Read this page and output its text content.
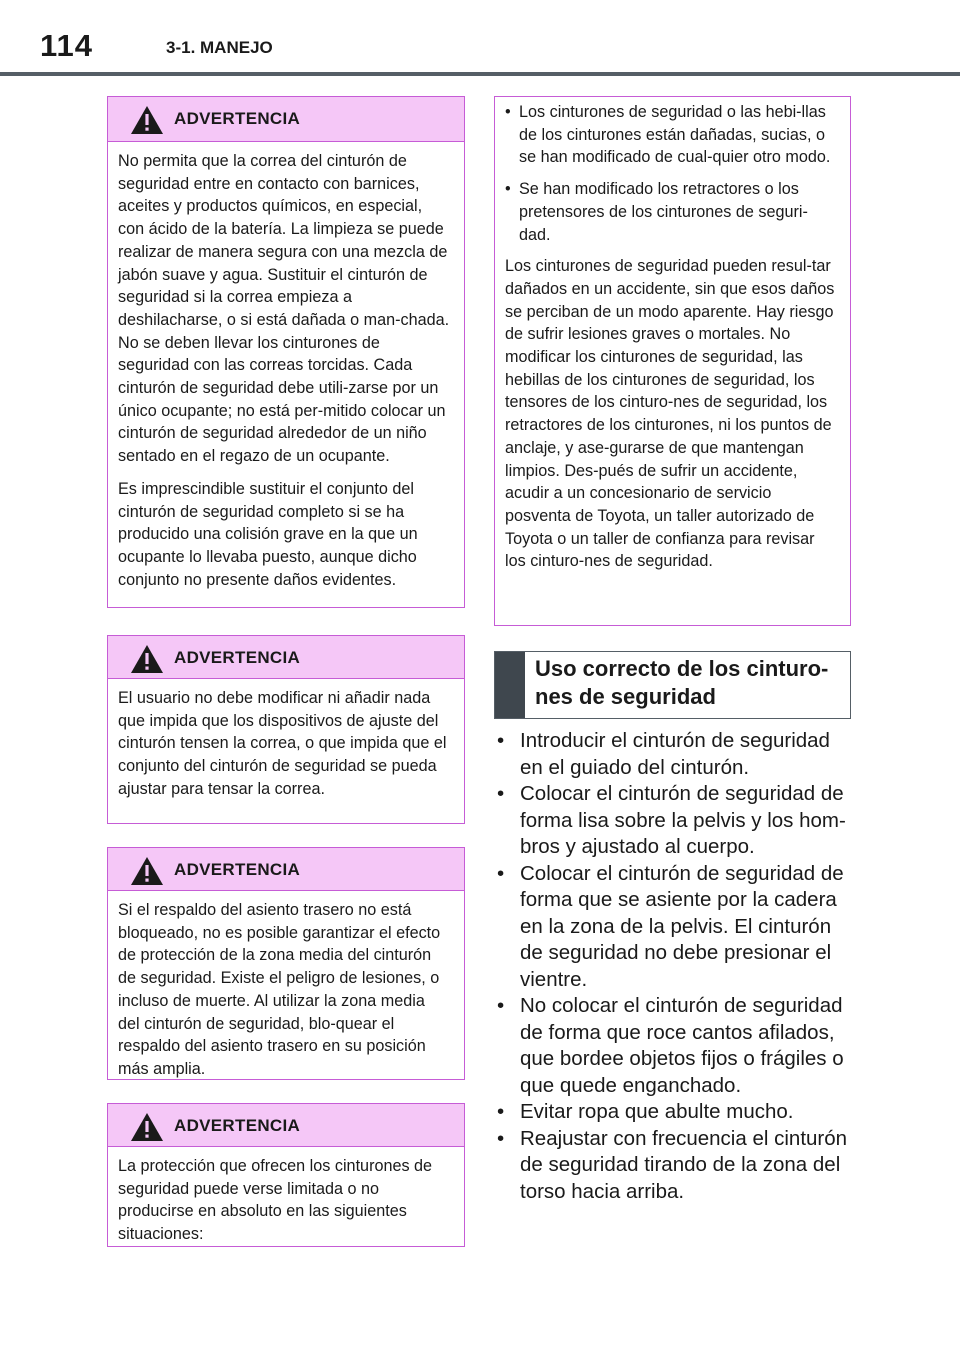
114	3-1. MANEJO
ADVERTENCIA

No permita que la correa del cinturón de seguridad entre en contacto con barnices, aceites y productos químicos, en especial, con ácido de la batería. La limpieza se puede realizar de manera segura con una mezcla de jabón suave y agua. Sustituir el cinturón de seguridad si la correa empieza a deshilacharse, o si está dañada o man-chada. No se deben llevar los cinturones de seguridad con las correas torcidas. Cada cinturón de seguridad debe utili-zarse por un único ocupante; no está per-mitido colocar un cinturón de seguridad alrededor de un niño sentado en el regazo de un ocupante.

Es imprescindible sustituir el conjunto del cinturón de seguridad completo si se ha producido una colisión grave en la que un ocupante lo llevaba puesto, aunque dicho conjunto no presente daños evidentes.

ADVERTENCIA

El usuario no debe modificar ni añadir nada que impida que los dispositivos de ajuste del cinturón tensen la correa, o que impida que el conjunto del cinturón de seguridad se pueda ajustar para tensar la correa.

ADVERTENCIA

Si el respaldo del asiento trasero no está bloqueado, no es posible garantizar el efecto de protección de la zona media del cinturón de seguridad. Existe el peligro de lesiones, o incluso de muerte. Al utilizar la zona media del cinturón de seguridad, blo-quear el respaldo del asiento trasero en su posición más amplia.

ADVERTENCIA

La protección que ofrecen los cinturones de seguridad puede verse limitada o no producirse en absoluto en las siguientes situaciones:

• Los cinturones de seguridad o las hebi-llas de los cinturones están dañadas, sucias, o se han modificado de cual-quier otro modo.
• Se han modificado los retractores o los pretensores de los cinturones de seguri-dad.

Los cinturones de seguridad pueden resul-tar dañados en un accidente, sin que esos daños se perciban de un modo aparente. Hay riesgo de sufrir lesiones graves o mortales. No modificar los cinturones de seguridad, las hebillas de los cinturones de seguridad, los tensores de los cinturo-nes de seguridad, los retractores de los cinturones, ni los puntos de anclaje, y ase-gurarse de que mantengan limpios. Des-pués de sufrir un accidente, acudir a un concesionario de servicio posventa de Toyota, un taller autorizado de Toyota o un taller de confianza para revisar los cinturo-nes de seguridad.

Uso correcto de los cinturo-nes de seguridad
• Introducir el cinturón de seguridad en el guiado del cinturón.
• Colocar el cinturón de seguridad de forma lisa sobre la pelvis y los hom-bros y ajustado al cuerpo.
• Colocar el cinturón de seguridad de forma que se asiente por la cadera en la zona de la pelvis. El cinturón de seguridad no debe presionar el vientre.
• No colocar el cinturón de seguridad de forma que roce cantos afilados, que bordee objetos fijos o frágiles o que quede enganchado.
• Evitar ropa que abulte mucho.
• Reajustar con frecuencia el cinturón de seguridad tirando de la zona del torso hacia arriba.
